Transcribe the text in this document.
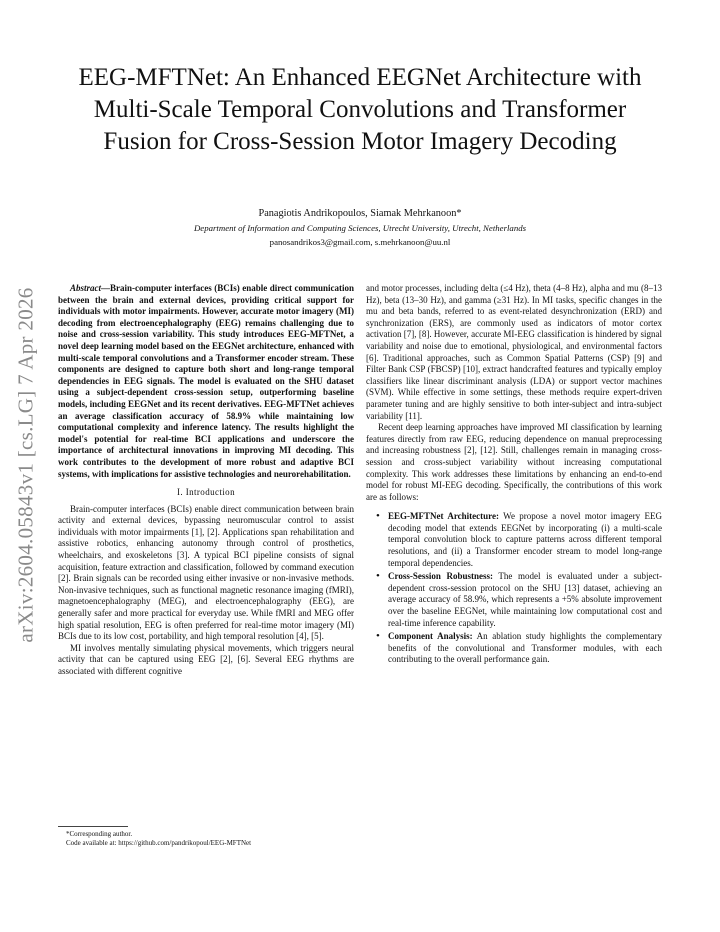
arXiv:2604.05843v1 [cs.LG] 7 Apr 2026
EEG-MFTNet: An Enhanced EEGNet Architecture with Multi-Scale Temporal Convolutions and Transformer Fusion for Cross-Session Motor Imagery Decoding
Panagiotis Andrikopoulos, Siamak Mehrkanoon*
Department of Information and Computing Sciences, Utrecht University, Utrecht, Netherlands
panosandrikos3@gmail.com, s.mehrkanoon@uu.nl

Abstract—Brain-computer interfaces (BCIs) enable direct communication between the brain and external devices, providing critical support for individuals with motor impairments. However, accurate motor imagery (MI) decoding from electroencephalography (EEG) remains challenging due to noise and cross-session variability. This study introduces EEG-MFTNet, a novel deep learning model based on the EEGNet architecture, enhanced with multi-scale temporal convolutions and a Transformer encoder stream. These components are designed to capture both short and long-range temporal dependencies in EEG signals. The model is evaluated on the SHU dataset using a subject-dependent cross-session setup, outperforming baseline models, including EEGNet and its recent derivatives. EEG-MFTNet achieves an average classification accuracy of 58.9% while maintaining low computational complexity and inference latency. The results highlight the model's potential for real-time BCI applications and underscore the importance of architectural innovations in improving MI decoding. This work contributes to the development of more robust and adaptive BCI systems, with implications for assistive technologies and neurorehabilitation.

I. Introduction

Brain-computer interfaces (BCIs) enable direct communication between brain activity and external devices, bypassing neuromuscular control to assist individuals with motor impairments [1], [2]. Applications span rehabilitation and assistive robotics, enhancing autonomy through control of prosthetics, wheelchairs, and exoskeletons [3]. A typical BCI pipeline consists of signal acquisition, feature extraction and classification, followed by command execution [2]. Brain signals can be recorded using either invasive or non-invasive methods. Non-invasive techniques, such as functional magnetic resonance imaging (fMRI), magnetoencephalography (MEG), and electroencephalography (EEG), are generally safer and more practical for everyday use. While fMRI and MEG offer high spatial resolution, EEG is often preferred for real-time motor imagery (MI) BCIs due to its low cost, portability, and high temporal resolution [4], [5].

MI involves mentally simulating physical movements, which triggers neural activity that can be captured using EEG [2], [6]. Several EEG rhythms are associated with different cognitive

and motor processes, including delta (≤4 Hz), theta (4–8 Hz), alpha and mu (8–13 Hz), beta (13–30 Hz), and gamma (≥31 Hz). In MI tasks, specific changes in the mu and beta bands, referred to as event-related desynchronization (ERD) and synchronization (ERS), are commonly used as indicators of motor cortex activation [7], [8]. However, accurate MI-EEG classification is hindered by signal variability and noise due to emotional, physiological, and environmental factors [6]. Traditional approaches, such as Common Spatial Patterns (CSP) [9] and Filter Bank CSP (FBCSP) [10], extract handcrafted features and typically employ classifiers like linear discriminant analysis (LDA) or support vector machines (SVM). While effective in some settings, these methods require expert-driven parameter tuning and are highly sensitive to both inter-subject and intra-subject variability [11].

Recent deep learning approaches have improved MI classification by learning features directly from raw EEG, reducing dependence on manual preprocessing and increasing robustness [2], [12]. Still, challenges remain in managing cross-session and cross-subject variability without increasing computational complexity. This work addresses these limitations by enhancing an end-to-end model for robust MI-EEG decoding. Specifically, the contributions of this work are as follows:

• EEG-MFTNet Architecture: We propose a novel motor imagery EEG decoding model that extends EEGNet by incorporating (i) a multi-scale temporal convolution block to capture patterns across different temporal resolutions, and (ii) a Transformer encoder stream to model long-range temporal dependencies.
• Cross-Session Robustness: The model is evaluated under a subject-dependent cross-session protocol on the SHU [13] dataset, achieving an average accuracy of 58.9%, which represents a +5% absolute improvement over the baseline EEGNet, while maintaining low computational cost and real-time inference capability.
• Component Analysis: An ablation study highlights the complementary benefits of the convolutional and Transformer modules, with each contributing to the overall performance gain.
*Corresponding author.
Code available at: https://github.com/pandrikopoul/EEG-MFTNet
